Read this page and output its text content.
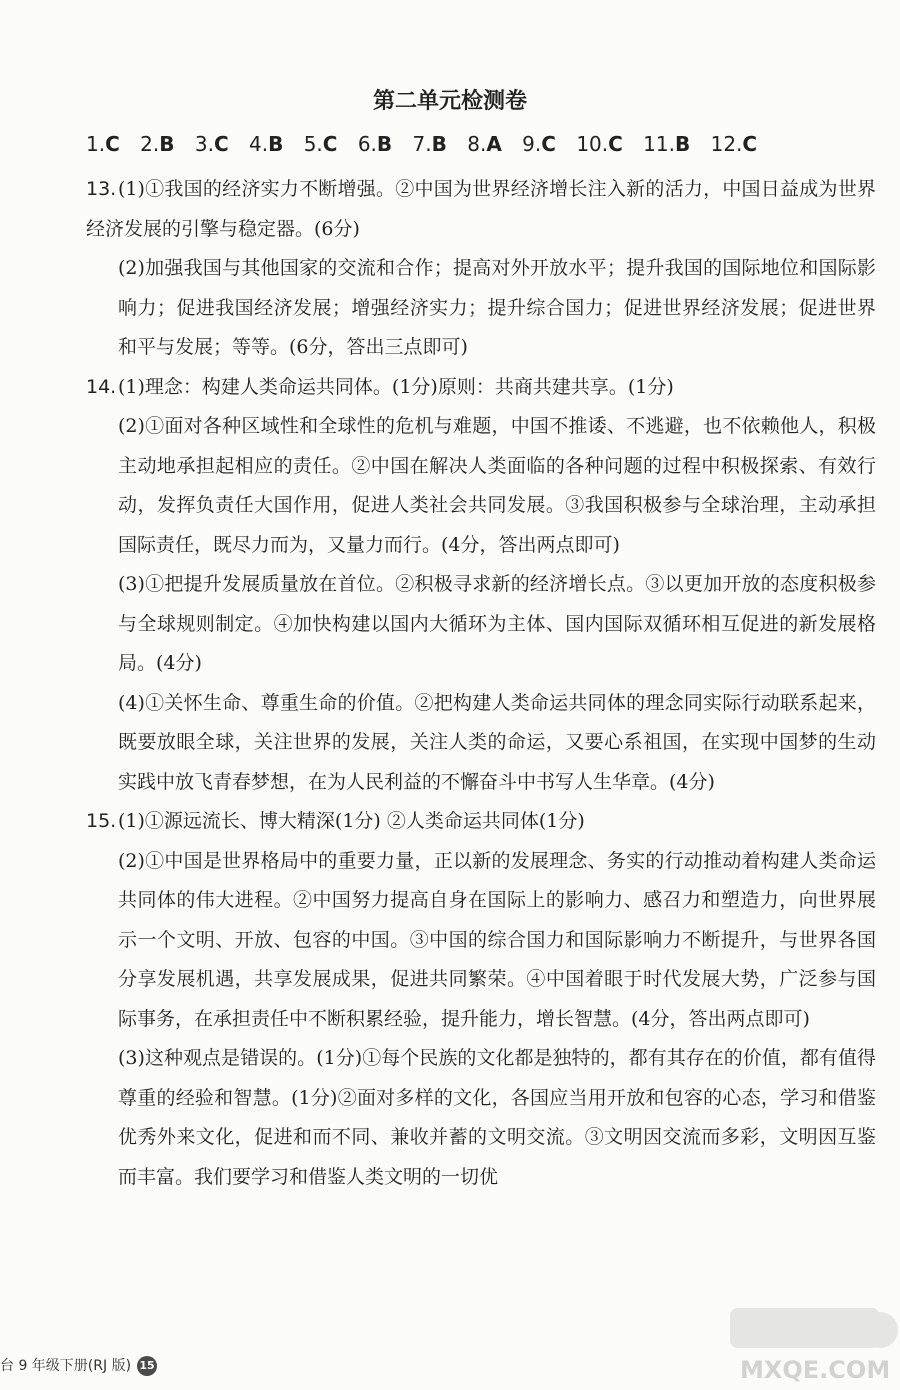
第二单元检测卷
1.C 2.B 3.C 4.B 5.C 6.B 7.B 8.A 9.C 10.C 11.B 12.C

13.(1)①我国的经济实力不断增强。②中国为世界经济增长注入新的活力，中国日益成为世界经济发展的引擎与稳定器。(6分)

(2)加强我国与其他国家的交流和合作；提高对外开放水平；提升我国的国际地位和国际影响力；促进我国经济发展；增强经济实力；提升综合国力；促进世界经济发展；促进世界和平与发展；等等。(6分，答出三点即可)

14.(1)理念：构建人类命运共同体。(1分)原则：共商共建共享。(1分)

(2)①面对各种区域性和全球性的危机与难题，中国不推诿、不逃避，也不依赖他人，积极主动地承担起相应的责任。②中国在解决人类面临的各种问题的过程中积极探索、有效行动，发挥负责任大国作用，促进人类社会共同发展。③我国积极参与全球治理，主动承担国际责任，既尽力而为，又量力而行。(4分，答出两点即可)

(3)①把提升发展质量放在首位。②积极寻求新的经济增长点。③以更加开放的态度积极参与全球规则制定。④加快构建以国内大循环为主体、国内国际双循环相互促进的新发展格局。(4分)

(4)①关怀生命、尊重生命的价值。②把构建人类命运共同体的理念同实际行动联系起来，既要放眼全球，关注世界的发展，关注人类的命运，又要心系祖国，在实现中国梦的生动实践中放飞青春梦想，在为人民利益的不懈奋斗中书写人生华章。(4分)

15.(1)①源远流长、博大精深(1分) ②人类命运共同体(1分)

(2)①中国是世界格局中的重要力量，正以新的发展理念、务实的行动推动着构建人类命运共同体的伟大进程。②中国努力提高自身在国际上的影响力、感召力和塑造力，向世界展示一个文明、开放、包容的中国。③中国的综合国力和国际影响力不断提升，与世界各国分享发展机遇，共享发展成果，促进共同繁荣。④中国着眼于时代发展大势，广泛参与国际事务，在承担责任中不断积累经验，提升能力，增长智慧。(4分，答出两点即可)

(3)这种观点是错误的。(1分)①每个民族的文化都是独特的，都有其存在的价值，都有值得尊重的经验和智慧。(1分)②面对多样的文化，各国应当用开放和包容的心态，学习和借鉴优秀外来文化，促进和而不同、兼收并蓄的文明交流。③文明因交流而多彩，文明因互鉴而丰富。我们要学习和借鉴人类文明的一切优

台 9 年级下册(RJ 版) 15	MXQE.COM
